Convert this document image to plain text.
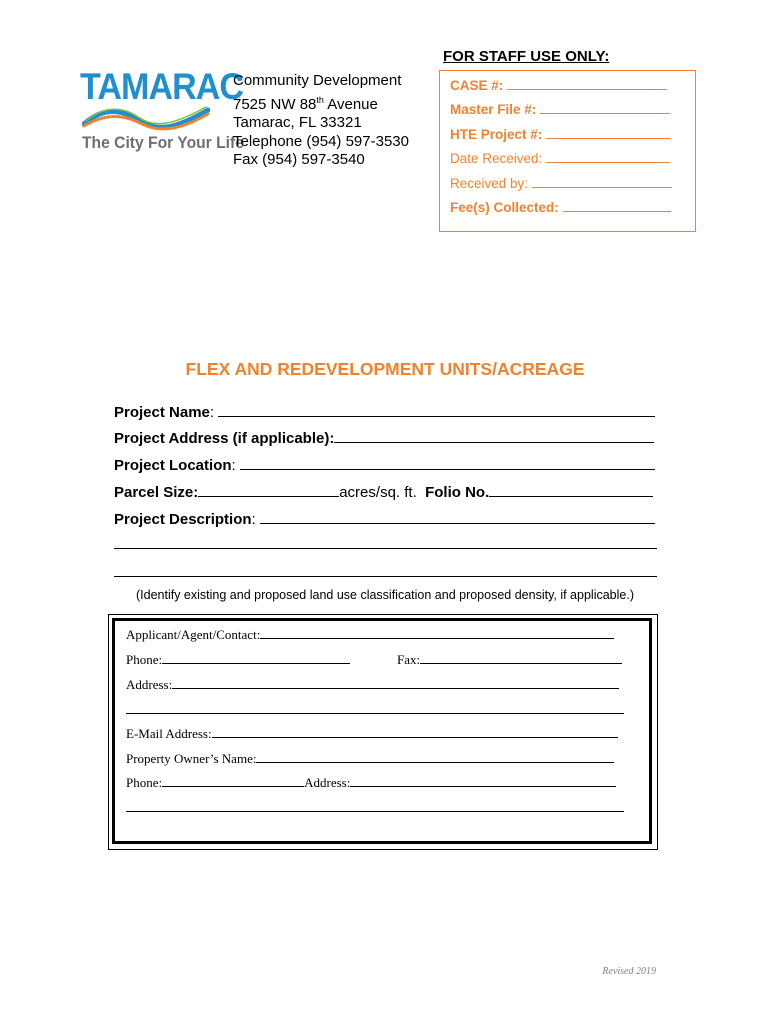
TAMARAC
The City For Your Life
Community Development
7525 NW 88th Avenue
Tamarac, FL 33321
Telephone (954) 597-3530
Fax (954) 597-3540
FOR STAFF USE ONLY:
CASE #:
Master File #:
HTE Project #:
Date Received:
Received by:
Fee(s) Collected:
FLEX AND REDEVELOPMENT UNITS/ACREAGE
Project Name:
Project Address (if applicable):
Project Location:
Parcel Size:	acres/sq. ft. Folio No.
Project Description:
(Identify existing and proposed land use classification and proposed density, if applicable.)
Applicant/Agent/Contact:
Phone:	Fax:
Address:
E-Mail Address:
Property Owner’s Name:
Phone:	Address:
Revised 2019
